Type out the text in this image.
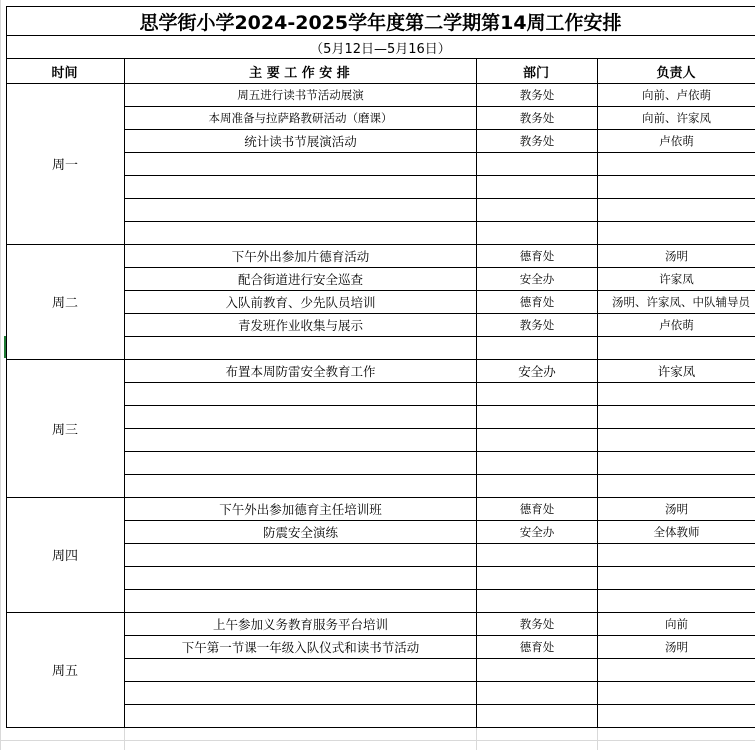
思学街小学2024-2025学年度第二学期第14周工作安排
（5月12日—5月16日）
时间	主 要 工 作 安 排	部门	负责人
周一
周五进行读书节活动展演	教务处	向前、卢依萌
本周准备与拉萨路教研活动（磨课）	教务处	向前、许家凤
统计读书节展演活动	教务处	卢依萌
周二
下午外出参加片德育活动	德育处	汤明
配合街道进行安全巡查	安全办	许家凤
入队前教育、少先队员培训	德育处	汤明、许家凤、中队辅导员
青发班作业收集与展示	教务处	卢依萌
周三
布置本周防雷安全教育工作	安全办	许家凤
周四
下午外出参加德育主任培训班	德育处	汤明
防震安全演练	安全办	全体教师
周五
上午参加义务教育服务平台培训	教务处	向前
下午第一节课一年级入队仪式和读书节活动	德育处	汤明
